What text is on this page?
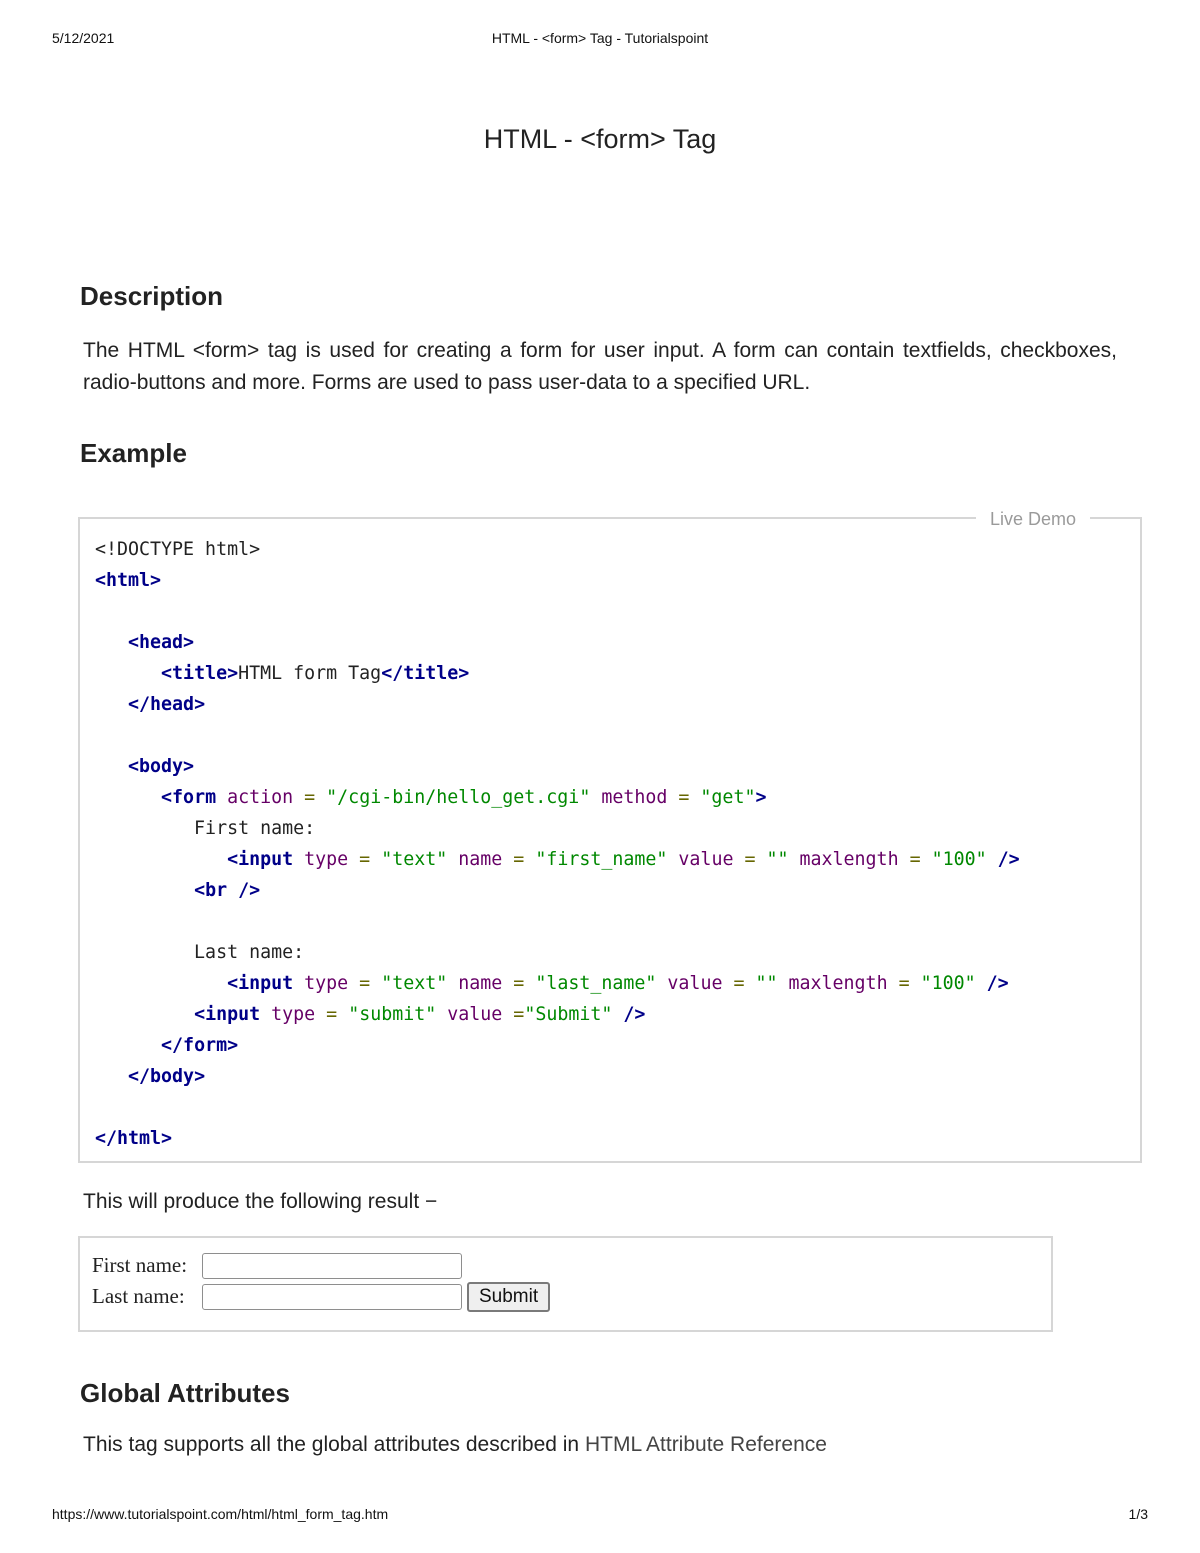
5/12/2021	HTML - <form> Tag - Tutorialspoint
HTML - <form> Tag
Description

The HTML <form> tag is used for creating a form for user input. A form can contain textfields, checkboxes, radio-buttons and more. Forms are used to pass user-data to a specified URL.

Example
Live Demo
<!DOCTYPE html>
<html>

<head>
<title>HTML form Tag</title>
</head>

<body>
<form action = "/cgi-bin/hello_get.cgi" method = "get">
First name:
<input type = "text" name = "first_name" value = "" maxlength = "100" />
<br />

Last name:
<input type = "text" name = "last_name" value = "" maxlength = "100" />
<input type = "submit" value ="Submit" />
</form>
</body>

</html>

This will produce the following result −

First name:
Last name:	Submit
Global Attributes

This tag supports all the global attributes described in HTML Attribute Reference

https://www.tutorialspoint.com/html/html_form_tag.htm	1/3
